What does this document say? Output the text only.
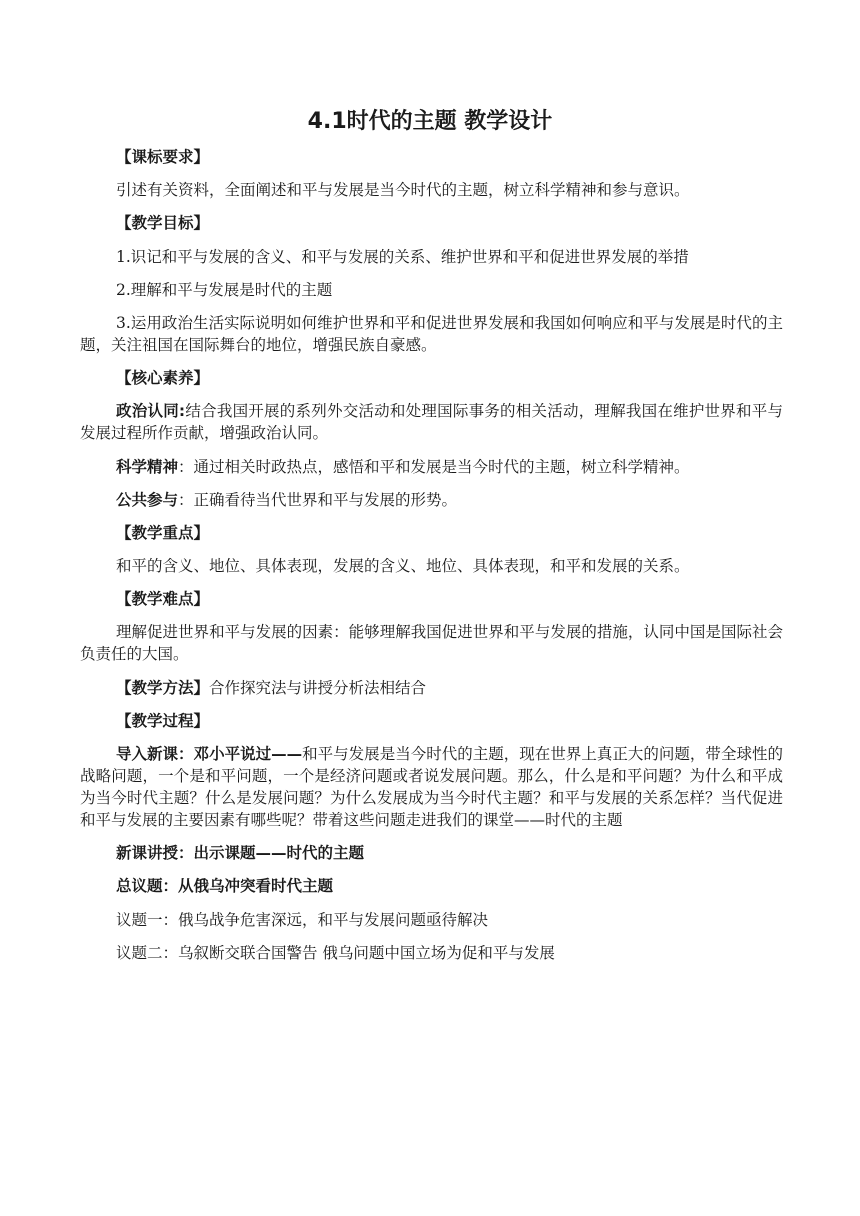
4.1时代的主题 教学设计
【课标要求】
引述有关资料，全面阐述和平与发展是当今时代的主题，树立科学精神和参与意识。
【教学目标】
1.识记和平与发展的含义、和平与发展的关系、维护世界和平和促进世界发展的举措
2.理解和平与发展是时代的主题
3.运用政治生活实际说明如何维护世界和平和促进世界发展和我国如何响应和平与发展是时代的主题，关注祖国在国际舞台的地位，增强民族自豪感。
【核心素养】
政治认同:结合我国开展的系列外交活动和处理国际事务的相关活动，理解我国在维护世界和平与发展过程所作贡献，增强政治认同。
科学精神：通过相关时政热点，感悟和平和发展是当今时代的主题，树立科学精神。
公共参与：正确看待当代世界和平与发展的形势。
【教学重点】
和平的含义、地位、具体表现，发展的含义、地位、具体表现，和平和发展的关系。
【教学难点】
理解促进世界和平与发展的因素：能够理解我国促进世界和平与发展的措施，认同中国是国际社会负责任的大国。
【教学方法】合作探究法与讲授分析法相结合
【教学过程】
导入新课：邓小平说过——和平与发展是当今时代的主题，现在世界上真正大的问题，带全球性的战略问题，一个是和平问题，一个是经济问题或者说发展问题。那么，什么是和平问题？为什么和平成为当今时代主题？什么是发展问题？为什么发展成为当今时代主题？和平与发展的关系怎样？当代促进和平与发展的主要因素有哪些呢？带着这些问题走进我们的课堂——时代的主题
新课讲授：出示课题——时代的主题
总议题：从俄乌冲突看时代主题
议题一：俄乌战争危害深远，和平与发展问题亟待解决
议题二：乌叙断交联合国警告 俄乌问题中国立场为促和平与发展
